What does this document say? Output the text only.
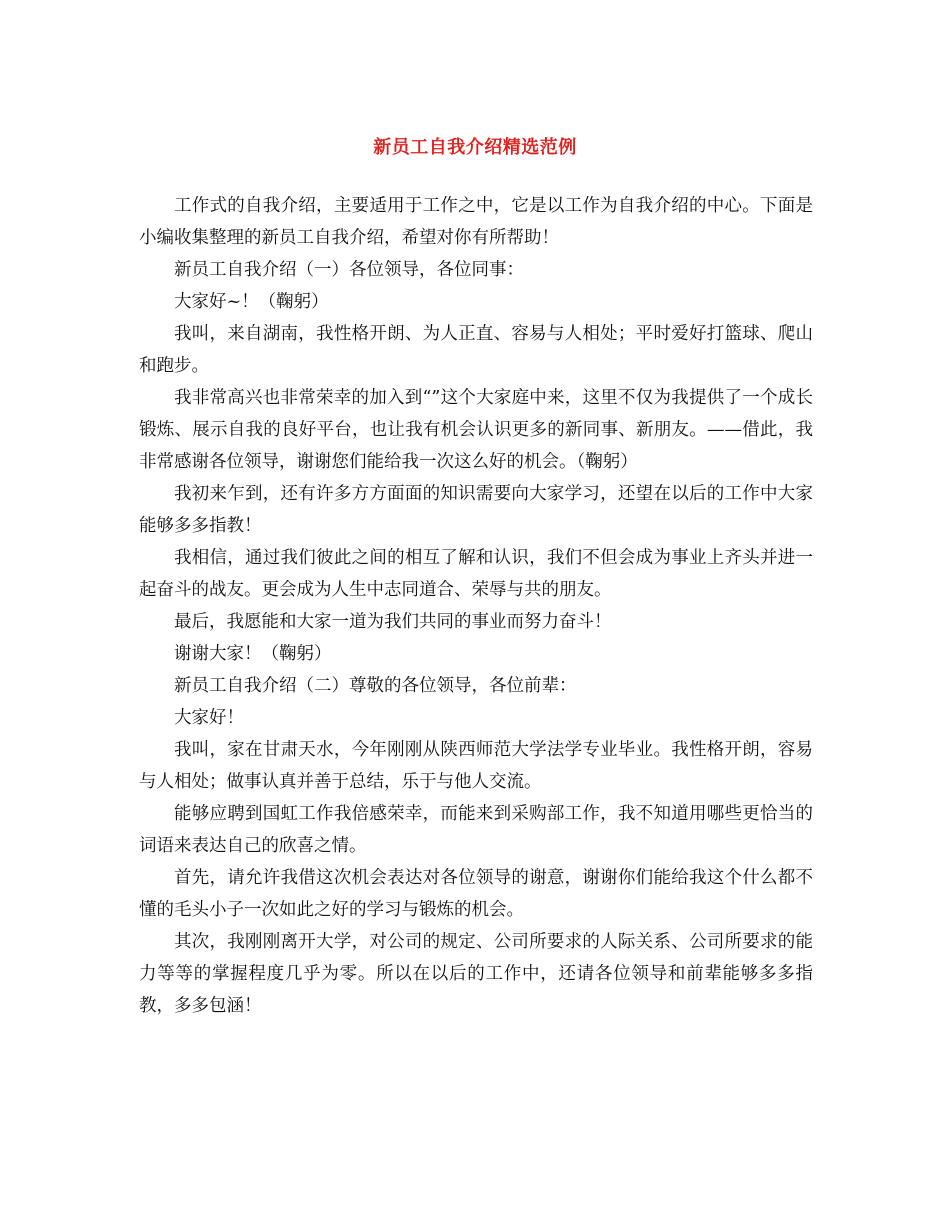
新员工自我介绍精选范例

工作式的自我介绍，主要适用于工作之中，它是以工作为自我介绍的中心。下面是小编收集整理的新员工自我介绍，希望对你有所帮助！

新员工自我介绍（一）各位领导，各位同事：

大家好~！（鞠躬）

我叫，来自湖南，我性格开朗、为人正直、容易与人相处；平时爱好打篮球、爬山和跑步。

我非常高兴也非常荣幸的加入到“”这个大家庭中来，这里不仅为我提供了一个成长锻炼、展示自我的良好平台，也让我有机会认识更多的新同事、新朋友。——借此，我非常感谢各位领导，谢谢您们能给我一次这么好的机会。（鞠躬）

我初来乍到，还有许多方方面面的知识需要向大家学习，还望在以后的工作中大家能够多多指教！

我相信，通过我们彼此之间的相互了解和认识，我们不但会成为事业上齐头并进一起奋斗的战友。更会成为人生中志同道合、荣辱与共的朋友。

最后，我愿能和大家一道为我们共同的事业而努力奋斗！

谢谢大家！（鞠躬）

新员工自我介绍（二）尊敬的各位领导，各位前辈：

大家好！

我叫，家在甘肃天水，今年刚刚从陕西师范大学法学专业毕业。我性格开朗，容易与人相处；做事认真并善于总结，乐于与他人交流。

能够应聘到国虹工作我倍感荣幸，而能来到采购部工作，我不知道用哪些更恰当的词语来表达自己的欣喜之情。

首先，请允许我借这次机会表达对各位领导的谢意，谢谢你们能给我这个什么都不懂的毛头小子一次如此之好的学习与锻炼的机会。

其次，我刚刚离开大学，对公司的规定、公司所要求的人际关系、公司所要求的能力等等的掌握程度几乎为零。所以在以后的工作中，还请各位领导和前辈能够多多指教，多多包涵！
